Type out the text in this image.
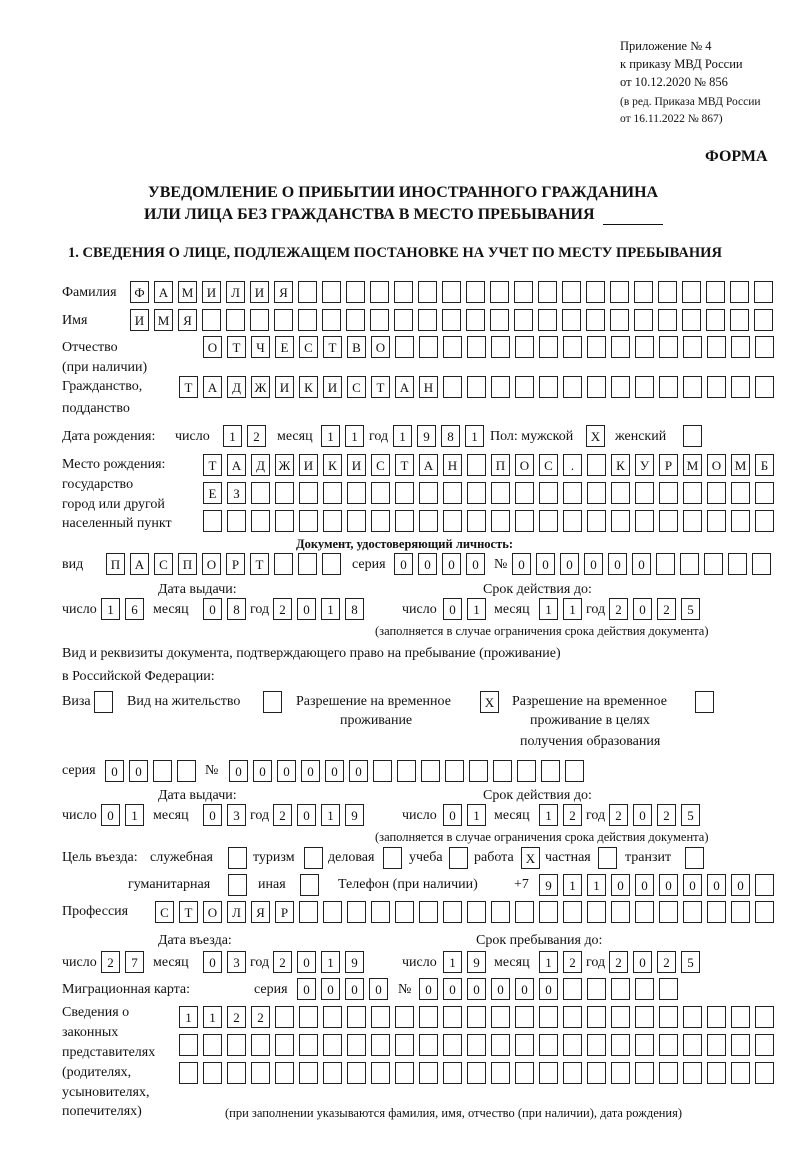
Приложение № 4
к приказу МВД России
от 10.12.2020 № 856
(в ред. Приказа МВД России
от 16.11.2022 № 867)
ФОРМА
УВЕДОМЛЕНИЕ О ПРИБЫТИИ ИНОСТРАННОГО ГРАЖДАНИНА
ИЛИ ЛИЦА БЕЗ ГРАЖДАНСТВА В МЕСТО ПРЕБЫВАНИЯ
1. СВЕДЕНИЯ О ЛИЦЕ, ПОДЛЕЖАЩЕМ ПОСТАНОВКЕ НА УЧЕТ ПО МЕСТУ ПРЕБЫВАНИЯ
Фамилия	Ф	А	М	И	Л	И	Я
Имя	И	М	Я
Отчество
(при наличии)
О	Т	Ч	Е	С	Т	В	О
Гражданство,
подданство
Т	А	Д	Ж	И	К	И	С	Т	А	Н
Дата рождения: число	1	2	месяц	1	1 год 1	9	8	1 Пол: мужской	X	женский
Место рождения:
государство
город или другой
населенный пункт
Т	А	Д	Ж	И	К	И	С	Т	А	Н	П	О	С	.	К	У	Р	М	О	М	Б
Е	З
Документ, удостоверяющий личность:
вид	П	А	С	П	О	Р	Т	серия	0	0	0	0	№ 0	0	0	0	0	0
Дата выдачи:	Срок действия до:
число 1	6	месяц	0	8 год 2	0	1	8	число 0	1	месяц	1	1 год 2	0	2	5
(заполняется в случае ограничения срока действия документа)
Вид и реквизиты документа, подтверждающего право на пребывание (проживание)
в Российской Федерации:
Виза	Вид на жительство	Разрешение на временное
проживание
X	Разрешение на временное
проживание в целях
получения образования
серия	0	0	№	0	0	0	0	0	0
Дата выдачи:	Срок действия до:
число 0	1	месяц	0	3 год 2	0	1	9	число 0	1	месяц	1	2 год 2	0	2	5
(заполняется в случае ограничения срока действия документа)
Цель въезда: служебная	туризм деловая учеба работа X частная транзит
гуманитарная	иная	Телефон (при наличии)	+7	9	1	1	0	0	0	0	0	0
Профессия	С	Т	О	Л	Я	Р
Дата въезда:	Срок пребывания до:
число 2	7	месяц	0	3 год 2	0	1	9	число 1	9	месяц	1	2 год 2	0	2	5
Миграционная карта:	серия	0	0	0	0	№	0	0	0	0	0	0
Сведения о
законных
представителях
(родителях,
усыновителях,
попечителях)
1	1	2	2
(при заполнении указываются фамилия, имя, отчество (при наличии), дата рождения)
